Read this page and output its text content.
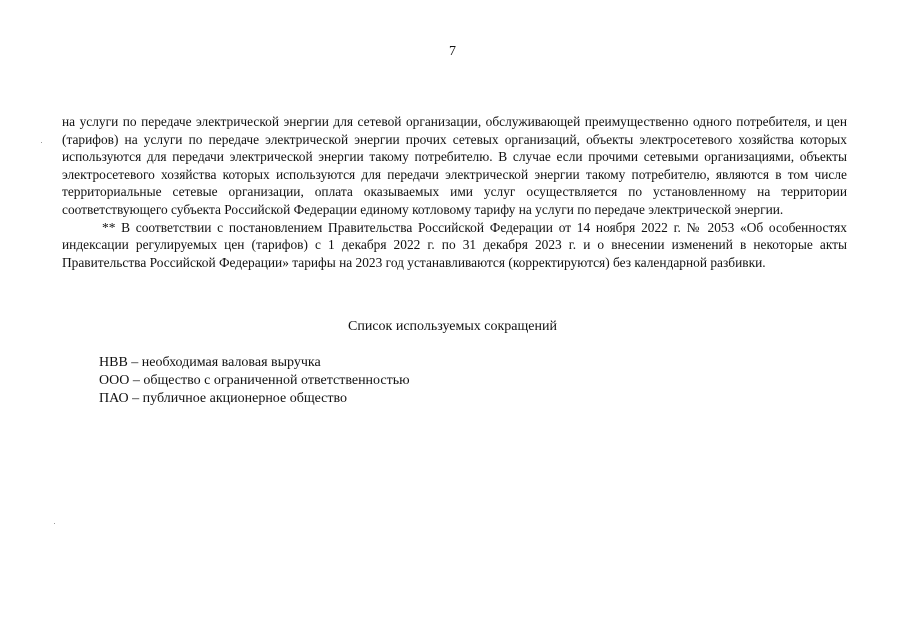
7

на услуги по передаче электрической энергии для сетевой организации, обслуживающей преимущественно одного потребителя, и цен (тарифов) на услуги по передаче электрической энергии прочих сетевых организаций, объекты электросетевого хозяйства которых используются для передачи электрической энергии такому потребителю. В случае если прочими сетевыми организациями, объекты электросетевого хозяйства которых используются для передачи электрической энергии такому потребителю, являются в том числе территориальные сетевые организации, оплата оказываемых ими услуг осуществляется по установленному на территории соответствующего субъекта Российской Федерации единому котловому тарифу на услуги по передаче электрической энергии.

** В соответствии с постановлением Правительства Российской Федерации от 14 ноября 2022 г. № 2053 «Об особенностях индексации регулируемых цен (тарифов) с 1 декабря 2022 г. по 31 декабря 2023 г. и о внесении изменений в некоторые акты Правительства Российской Федерации» тарифы на 2023 год устанавливаются (корректируются) без календарной разбивки.

Список используемых сокращений
НВВ – необходимая валовая выручка
ООО – общество с ограниченной ответственностью
ПАО – публичное акционерное общество
